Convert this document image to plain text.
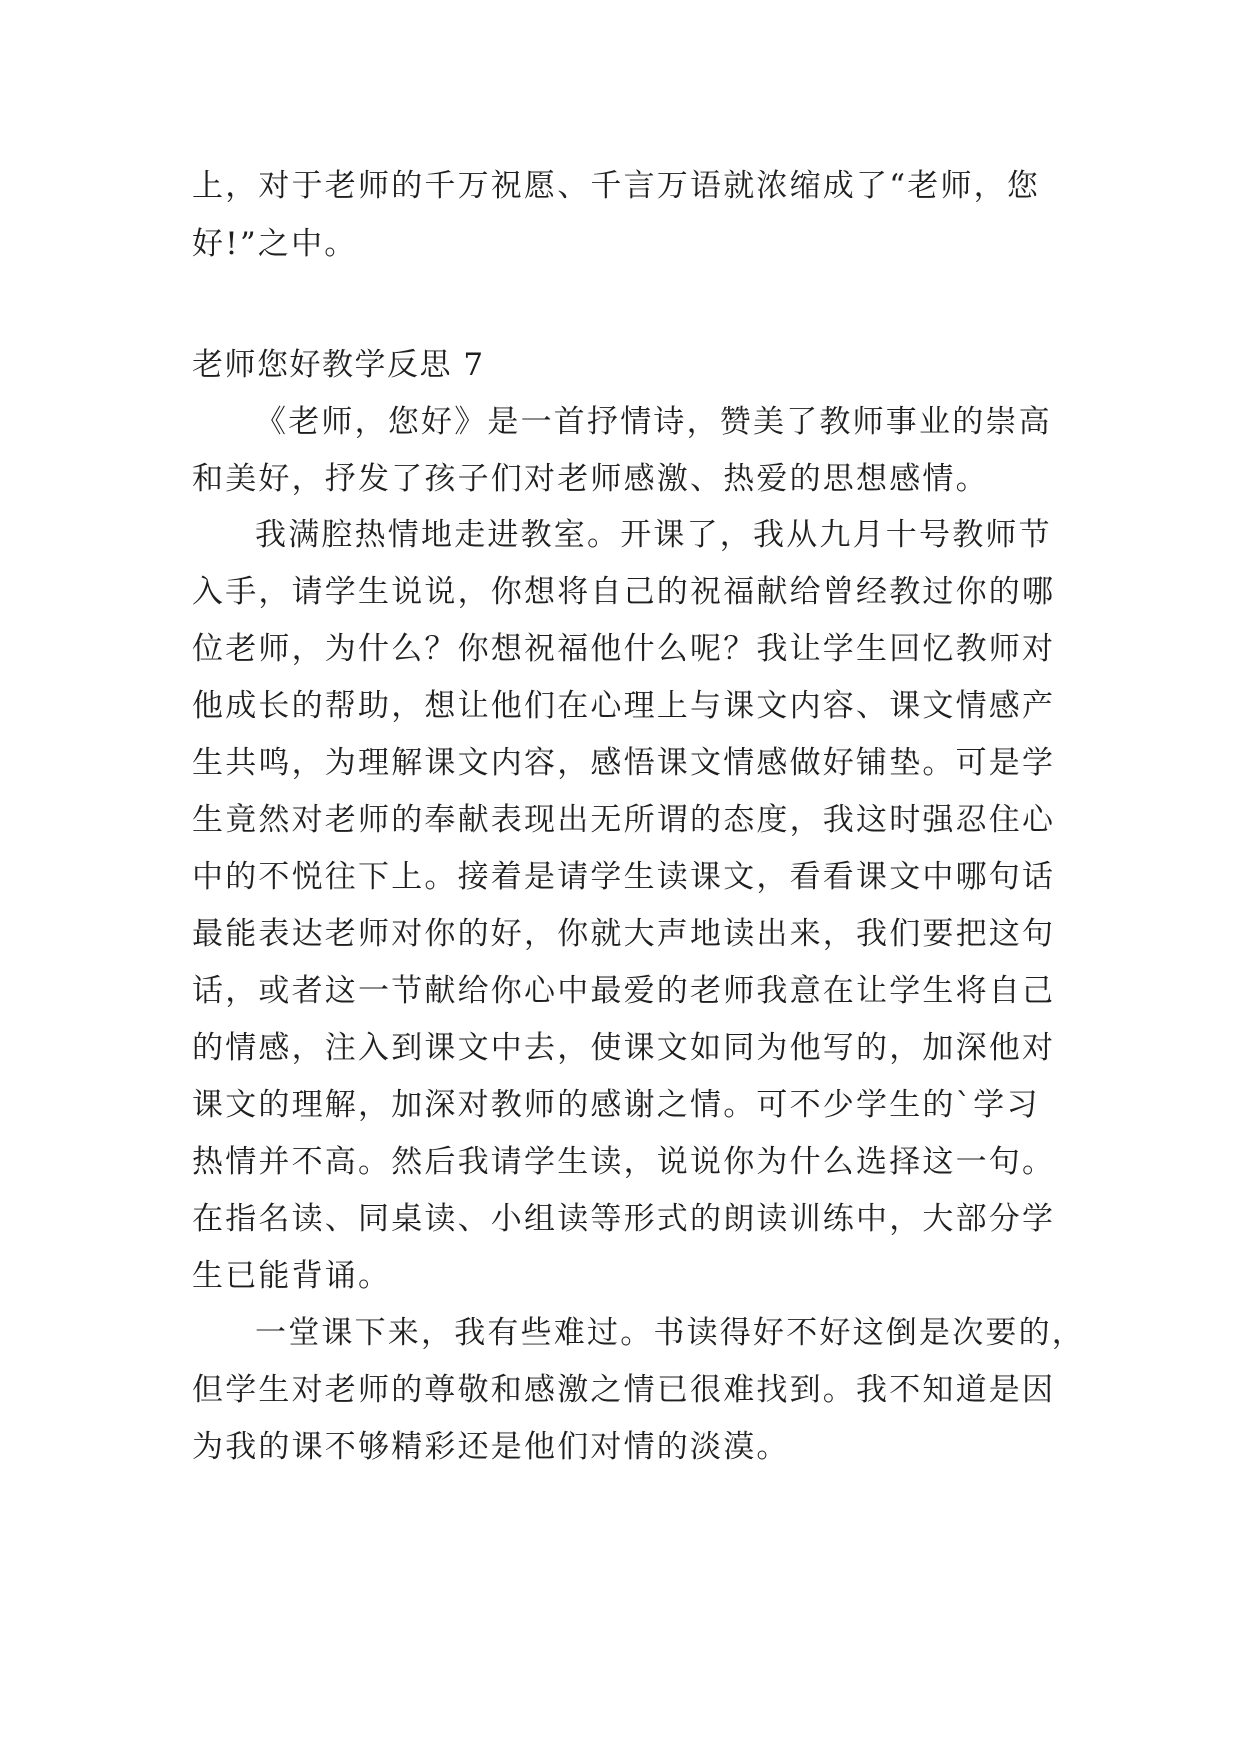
上，对于老师的千万祝愿、千言万语就浓缩成了“老师，您
好!”之中。
老师您好教学反思 7
《老师，您好》是一首抒情诗，赞美了教师事业的崇高
和美好，抒发了孩子们对老师感激、热爱的思想感情。
我满腔热情地走进教室。开课了，我从九月十号教师节
入手，请学生说说，你想将自己的祝福献给曾经教过你的哪
位老师，为什么？你想祝福他什么呢？我让学生回忆教师对
他成长的帮助，想让他们在心理上与课文内容、课文情感产
生共鸣，为理解课文内容，感悟课文情感做好铺垫。可是学
生竟然对老师的奉献表现出无所谓的态度，我这时强忍住心
中的不悦往下上。接着是请学生读课文，看看课文中哪句话
最能表达老师对你的好，你就大声地读出来，我们要把这句
话，或者这一节献给你心中最爱的老师我意在让学生将自己
的情感，注入到课文中去，使课文如同为他写的，加深他对
课文的理解，加深对教师的感谢之情。可不少学生的`学习
热情并不高。然后我请学生读，说说你为什么选择这一句。
在指名读、同桌读、小组读等形式的朗读训练中，大部分学
生已能背诵。
一堂课下来，我有些难过。书读得好不好这倒是次要的，
但学生对老师的尊敬和感激之情已很难找到。我不知道是因
为我的课不够精彩还是他们对情的淡漠。
